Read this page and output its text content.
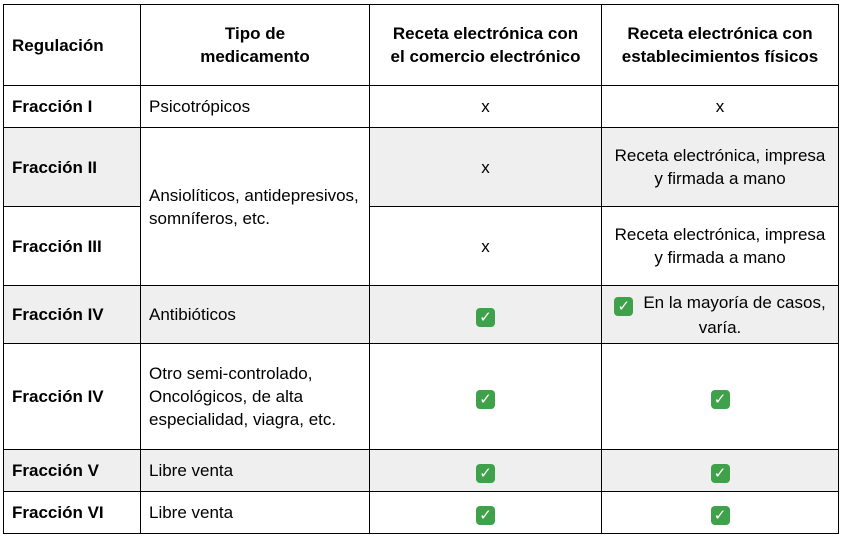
Regulación	Tipo de medicamento	Receta electrónica con el comercio electrónico	Receta electrónica con establecimientos físicos
Fracción I	Psicotrópicos	x	x
Fracción II	Ansiolíticos, antidepresivos, somníferos, etc.	x	Receta electrónica, impresa y firmada a mano
Fracción III		x	Receta electrónica, impresa y firmada a mano
Fracción IV	Antibióticos	✓	✓ En la mayoría de casos, varía.
Fracción IV	Otro semi-controlado, Oncológicos, de alta especialidad, viagra, etc.	✓	✓
Fracción V	Libre venta	✓	✓
Fracción VI	Libre venta	✓	✓
